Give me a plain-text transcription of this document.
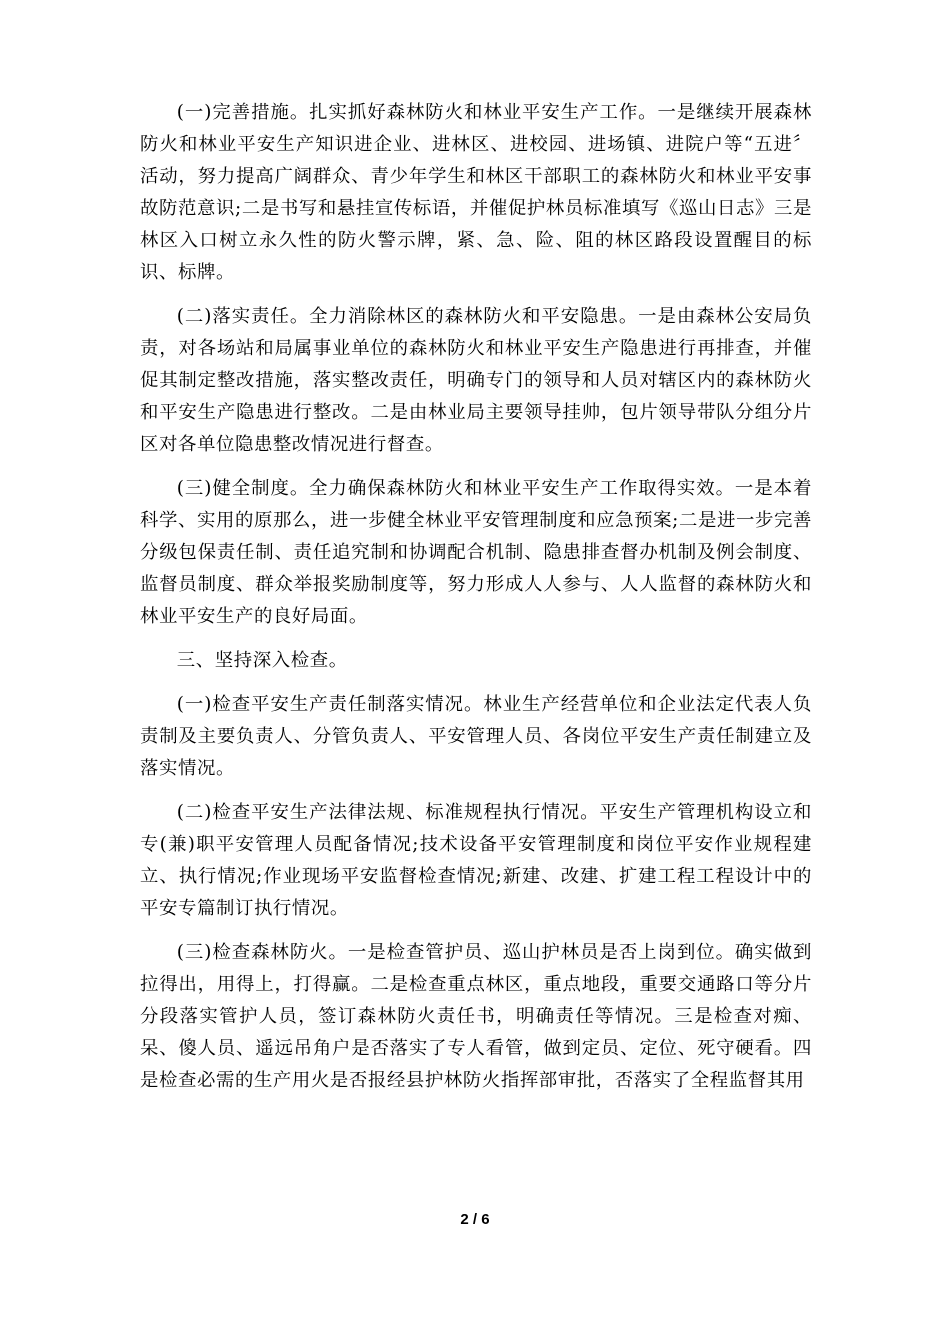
(一)完善措施。扎实抓好森林防火和林业平安生产工作。一是继续开展森林防火和林业平安生产知识进企业、进林区、进校园、进场镇、进院户等“五进〞活动，努力提高广阔群众、青少年学生和林区干部职工的森林防火和林业平安事故防范意识;二是书写和悬挂宣传标语，并催促护林员标准填写《巡山日志》三是林区入口树立永久性的防火警示牌，紧、急、险、阻的林区路段设置醒目的标识、标牌。

(二)落实责任。全力消除林区的森林防火和平安隐患。一是由森林公安局负责，对各场站和局属事业单位的森林防火和林业平安生产隐患进行再排查，并催促其制定整改措施，落实整改责任，明确专门的领导和人员对辖区内的森林防火和平安生产隐患进行整改。二是由林业局主要领导挂帅，包片领导带队分组分片区对各单位隐患整改情况进行督查。

(三)健全制度。全力确保森林防火和林业平安生产工作取得实效。一是本着科学、实用的原那么，进一步健全林业平安管理制度和应急预案;二是进一步完善分级包保责任制、责任追究制和协调配合机制、隐患排查督办机制及例会制度、监督员制度、群众举报奖励制度等，努力形成人人参与、人人监督的森林防火和林业平安生产的良好局面。

三、坚持深入检查。

(一)检查平安生产责任制落实情况。林业生产经营单位和企业法定代表人负责制及主要负责人、分管负责人、平安管理人员、各岗位平安生产责任制建立及落实情况。

(二)检查平安生产法律法规、标准规程执行情况。平安生产管理机构设立和专(兼)职平安管理人员配备情况;技术设备平安管理制度和岗位平安作业规程建立、执行情况;作业现场平安监督检查情况;新建、改建、扩建工程工程设计中的平安专篇制订执行情况。

(三)检查森林防火。一是检查管护员、巡山护林员是否上岗到位。确实做到拉得出，用得上，打得赢。二是检查重点林区，重点地段，重要交通路口等分片分段落实管护人员，签订森林防火责任书，明确责任等情况。三是检查对痴、呆、傻人员、遥远吊角户是否落实了专人看管，做到定员、定位、死守硬看。四是检查必需的生产用火是否报经县护林防火指挥部审批，否落实了全程监督其用

2 / 6
